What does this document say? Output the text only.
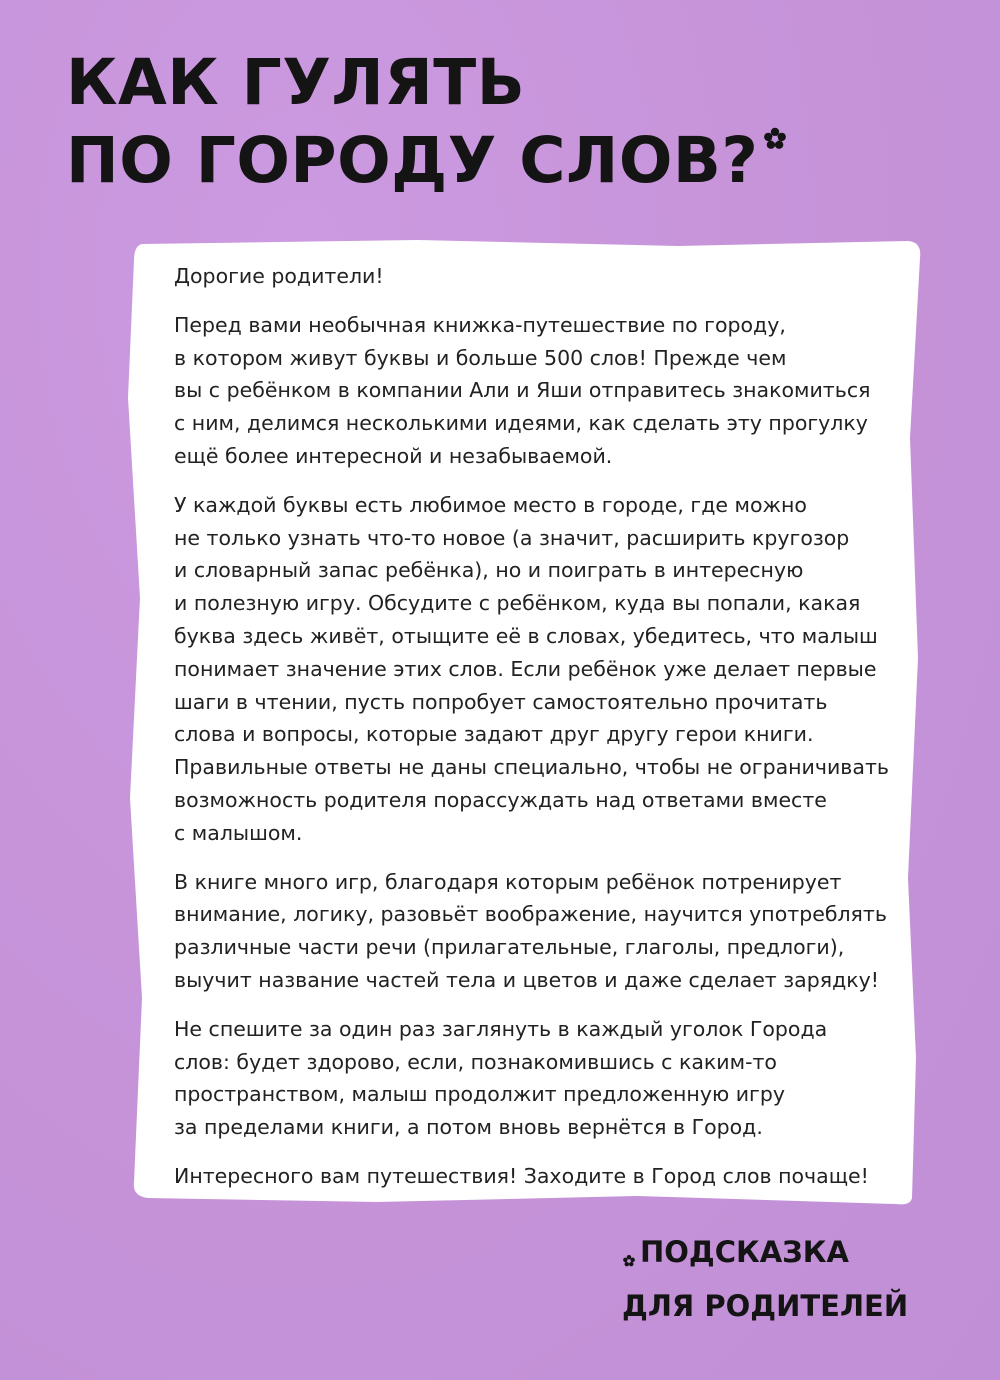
КАК ГУЛЯТЬ
ПО ГОРОДУ СЛОВ?

Дорогие родители!

Перед вами необычная книжка-путешествие по городу,
в котором живут буквы и больше 500 слов! Прежде чем
вы с ребёнком в компании Али и Яши отправитесь знакомиться
с ним, делимся несколькими идеями, как сделать эту прогулку
ещё более интересной и незабываемой.

У каждой буквы есть любимое место в городе, где можно
не только узнать что-то новое (а значит, расширить кругозор
и словарный запас ребёнка), но и поиграть в интересную
и полезную игру. Обсудите с ребёнком, куда вы попали, какая
буква здесь живёт, отыщите её в словах, убедитесь, что малыш
понимает значение этих слов. Если ребёнок уже делает первые
шаги в чтении, пусть попробует самостоятельно прочитать
слова и вопросы, которые задают друг другу герои книги.
Правильные ответы не даны специально, чтобы не ограничивать
возможность родителя порассуждать над ответами вместе
с малышом.

В книге много игр, благодаря которым ребёнок потренирует
внимание, логику, разовьёт воображение, научится употреблять
различные части речи (прилагательные, глаголы, предлоги),
выучит название частей тела и цветов и даже сделает зарядку!

Не спешите за один раз заглянуть в каждый уголок Города
слов: будет здорово, если, познакомившись с каким-то
пространством, малыш продолжит предложенную игру
за пределами книги, а потом вновь вернётся в Город.

Интересного вам путешествия! Заходите в Город слов почаще!

ПОДСКАЗКА
ДЛЯ РОДИТЕЛЕЙ
